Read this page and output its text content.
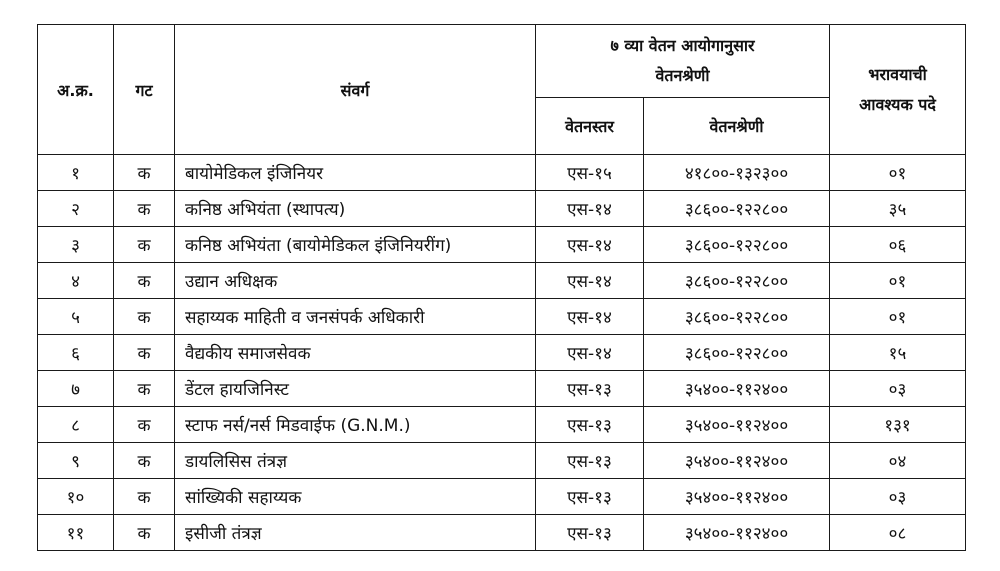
अ.क्र.	गट	संवर्ग	७ व्या वेतन आयोगानुसार
वेतनश्रेणी		भरावयाची
आवश्यक पदे

			वेतनस्तर	वेतनश्रेणी	
१	क	बायोमेडिकल इंजिनियर	एस-१५	४१८००-१३२३००	०१
२	क	कनिष्ठ अभियंता (स्थापत्य)	एस-१४	३८६००-१२२८००	३५
३	क	कनिष्ठ अभियंता (बायोमेडिकल इंजिनियरींग)	एस-१४	३८६००-१२२८००	०६
४	क	उद्यान अधिक्षक	एस-१४	३८६००-१२२८००	०१
५	क	सहाय्यक माहिती व जनसंपर्क अधिकारी	एस-१४	३८६००-१२२८००	०१
६	क	वैद्यकीय समाजसेवक	एस-१४	३८६००-१२२८००	१५
७	क	डेंटल हायजिनिस्ट	एस-१३	३५४००-११२४००	०३
८	क	स्टाफ नर्स/नर्स मिडवाईफ (G.N.M.)	एस-१३	३५४००-११२४००	१३१
९	क	डायलिसिस तंत्रज्ञ	एस-१३	३५४००-११२४००	०४
१०	क	सांख्यिकी सहाय्यक	एस-१३	३५४००-११२४००	०३
११	क	इसीजी तंत्रज्ञ	एस-१३	३५४००-११२४००	०८
